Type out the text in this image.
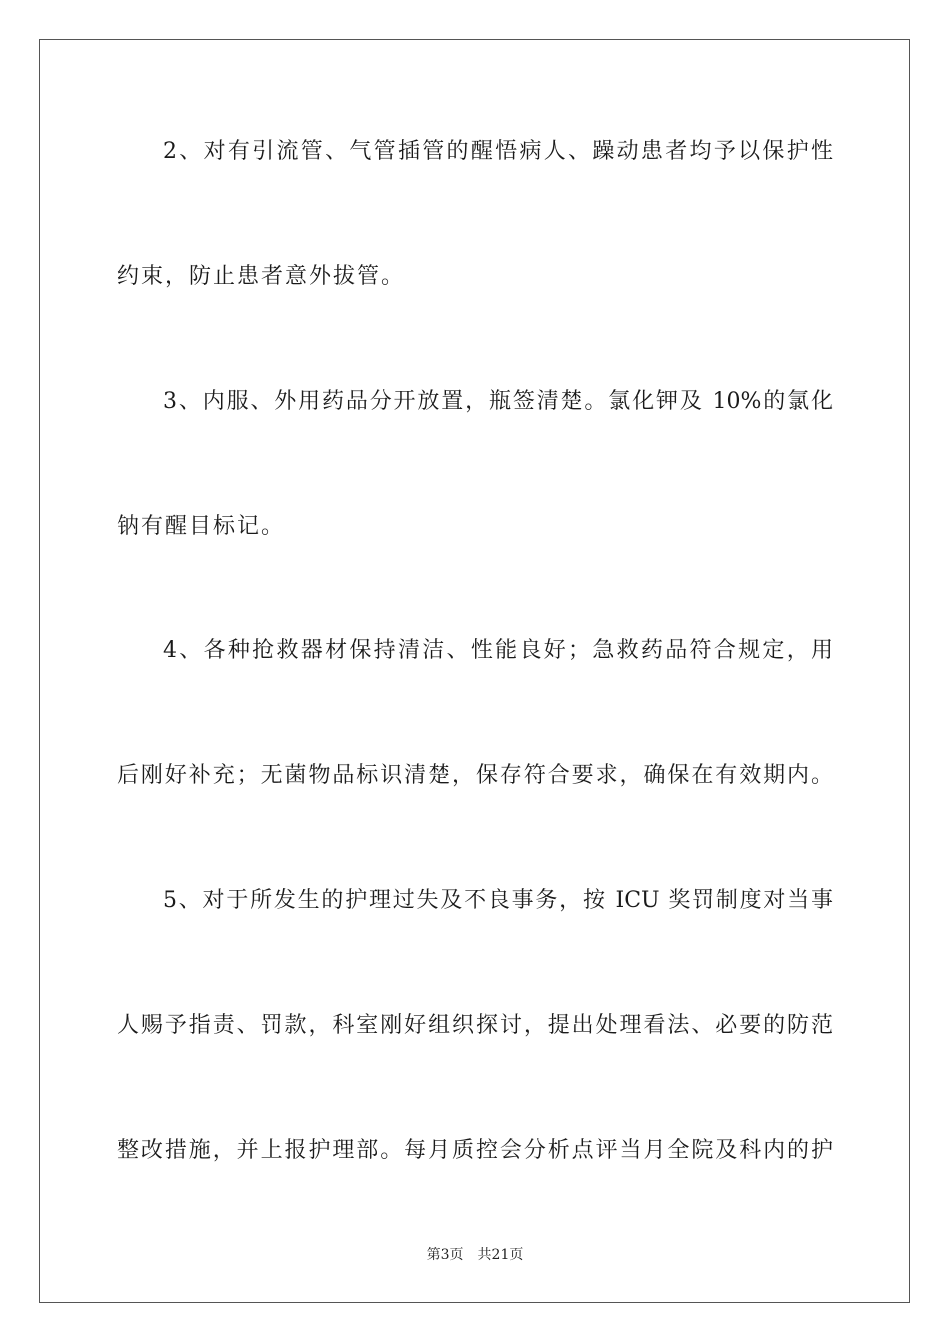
2、对有引流管、气管插管的醒悟病人、躁动患者均予以保护性
约束，防止患者意外拔管。
3、内服、外用药品分开放置，瓶签清楚。氯化钾及 10%的氯化
钠有醒目标记。
4、各种抢救器材保持清洁、性能良好；急救药品符合规定，用
后刚好补充；无菌物品标识清楚，保存符合要求，确保在有效期内。
5、对于所发生的护理过失及不良事务，按 ICU 奖罚制度对当事
人赐予指责、罚款，科室刚好组织探讨，提出处理看法、必要的防范
整改措施，并上报护理部。每月质控会分析点评当月全院及科内的护
第3页 共21页
